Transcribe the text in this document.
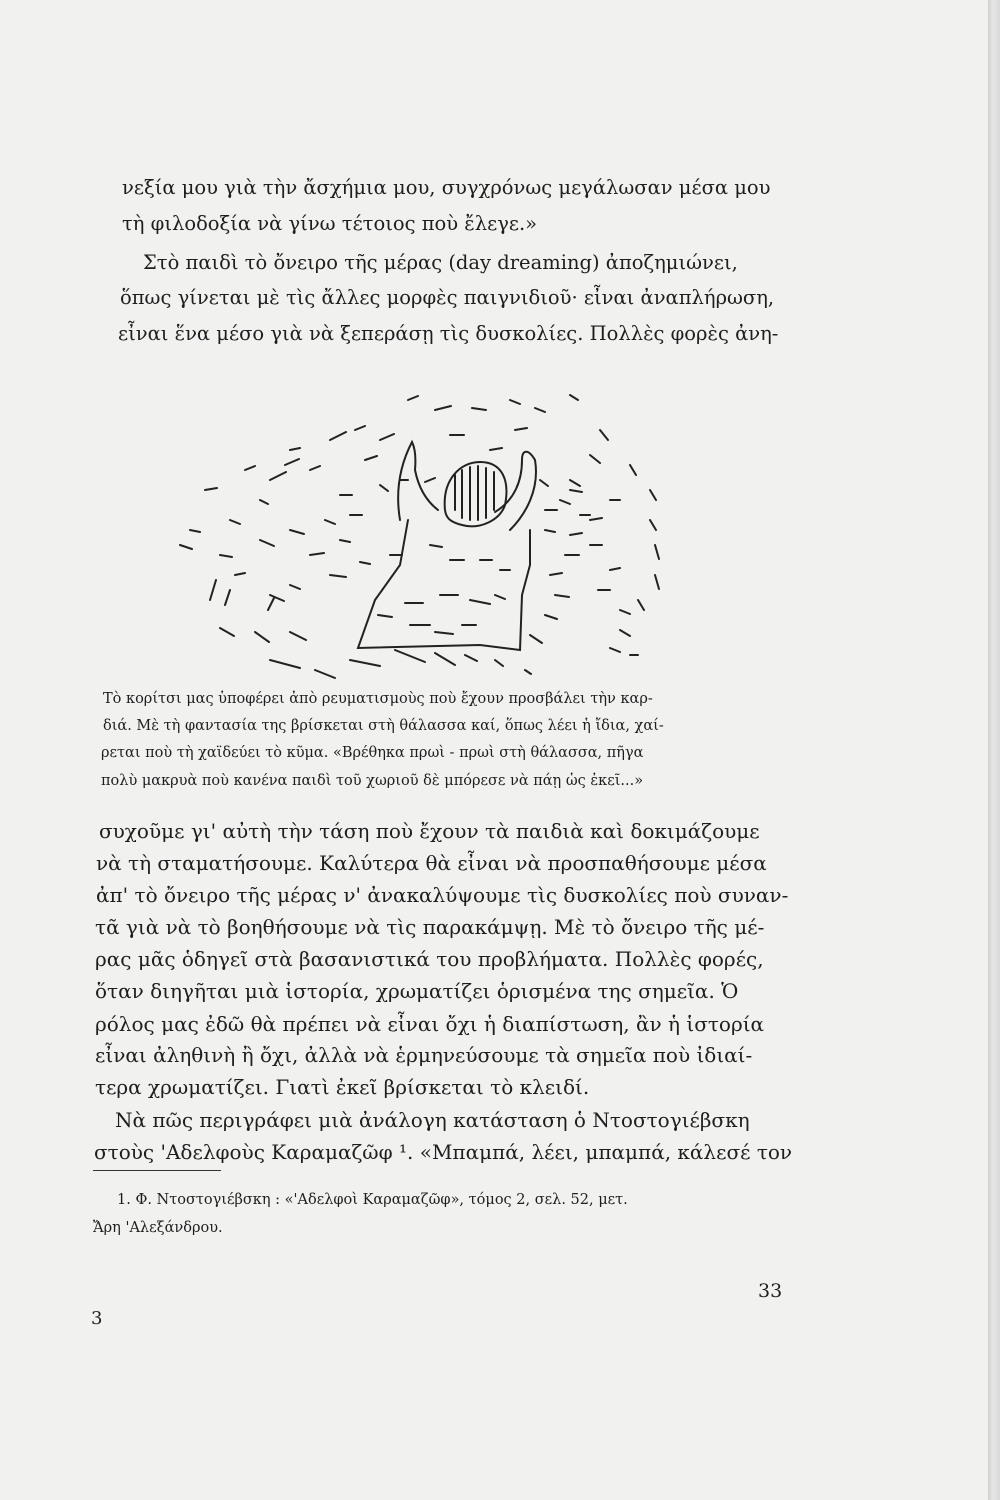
νεξία μου γιὰ τὴν ἄσχήμια μου, συγχρόνως μεγάλωσαν μέσα μου
τὴ φιλοδοξία νὰ γίνω τέτοιος ποὺ ἔλεγε.»
Στὸ παιδὶ τὸ ὄνειρο τῆς μέρας (day dreaming) ἀποζημιώνει,
ὅπως γίνεται μὲ τὶς ἄλλες μορφὲς παιγνιδιοῦ· εἶναι ἀναπλήρωση,
εἶναι ἕνα μέσο γιὰ νὰ ξεπεράσῃ τὶς δυσκολίες. Πολλὲς φορὲς ἀνη-
Τὸ κορίτσι μας ὑποφέρει ἀπὸ ρευματισμοὺς ποὺ ἔχουν προσβάλει τὴν καρ-
διά. Μὲ τὴ φαντασία της βρίσκεται στὴ θάλασσα καί, ὅπως λέει ἡ ἴδια, χαί-
ρεται ποὺ τὴ χαϊδεύει τὸ κῦμα. «Βρέθηκα πρωὶ - πρωὶ στὴ θάλασσα, πῆγα
πολὺ μακρυὰ ποὺ κανένα παιδὶ τοῦ χωριοῦ δὲ μπόρεσε νὰ πάῃ ὡς ἐκεῖ...»
συχοῦμε γι' αὐτὴ τὴν τάση ποὺ ἔχουν τὰ παιδιὰ καὶ δοκιμάζουμε
νὰ τὴ σταματήσουμε. Καλύτερα θὰ εἶναι νὰ προσπαθήσουμε μέσα
ἀπ' τὸ ὄνειρο τῆς μέρας ν' ἀνακαλύψουμε τὶς δυσκολίες ποὺ συναν-
τᾶ γιὰ νὰ τὸ βοηθήσουμε νὰ τὶς παρακάμψῃ. Μὲ τὸ ὄνειρο τῆς μέ-
ρας μᾶς ὁδηγεῖ στὰ βασανιστικά του προβλήματα. Πολλὲς φορές,
ὅταν διηγῆται μιὰ ἱστορία, χρωματίζει ὁρισμένα της σημεῖα. Ὁ
ρόλος μας ἐδῶ θὰ πρέπει νὰ εἶναι ὄχι ἡ διαπίστωση, ἂν ἡ ἱστορία
εἶναι ἀληθινὴ ἢ ὄχι, ἀλλὰ νὰ ἑρμηνεύσουμε τὰ σημεῖα ποὺ ἰδιαί-
τερα χρωματίζει. Γιατὶ ἐκεῖ βρίσκεται τὸ κλειδί.
Νὰ πῶς περιγράφει μιὰ ἀνάλογη κατάσταση ὁ Ντοστογιέβσκη
στοὺς 'Αδελφοὺς Καραμαζῶφ ¹. «Μπαμπά, λέει, μπαμπά, κάλεσέ τον
1. Φ. Ντοστογιέβσκη : «'Αδελφοὶ Καραμαζῶφ», τόμος 2, σελ. 52, μετ.
Ἄρη 'Αλεξάνδρου.
33
3
